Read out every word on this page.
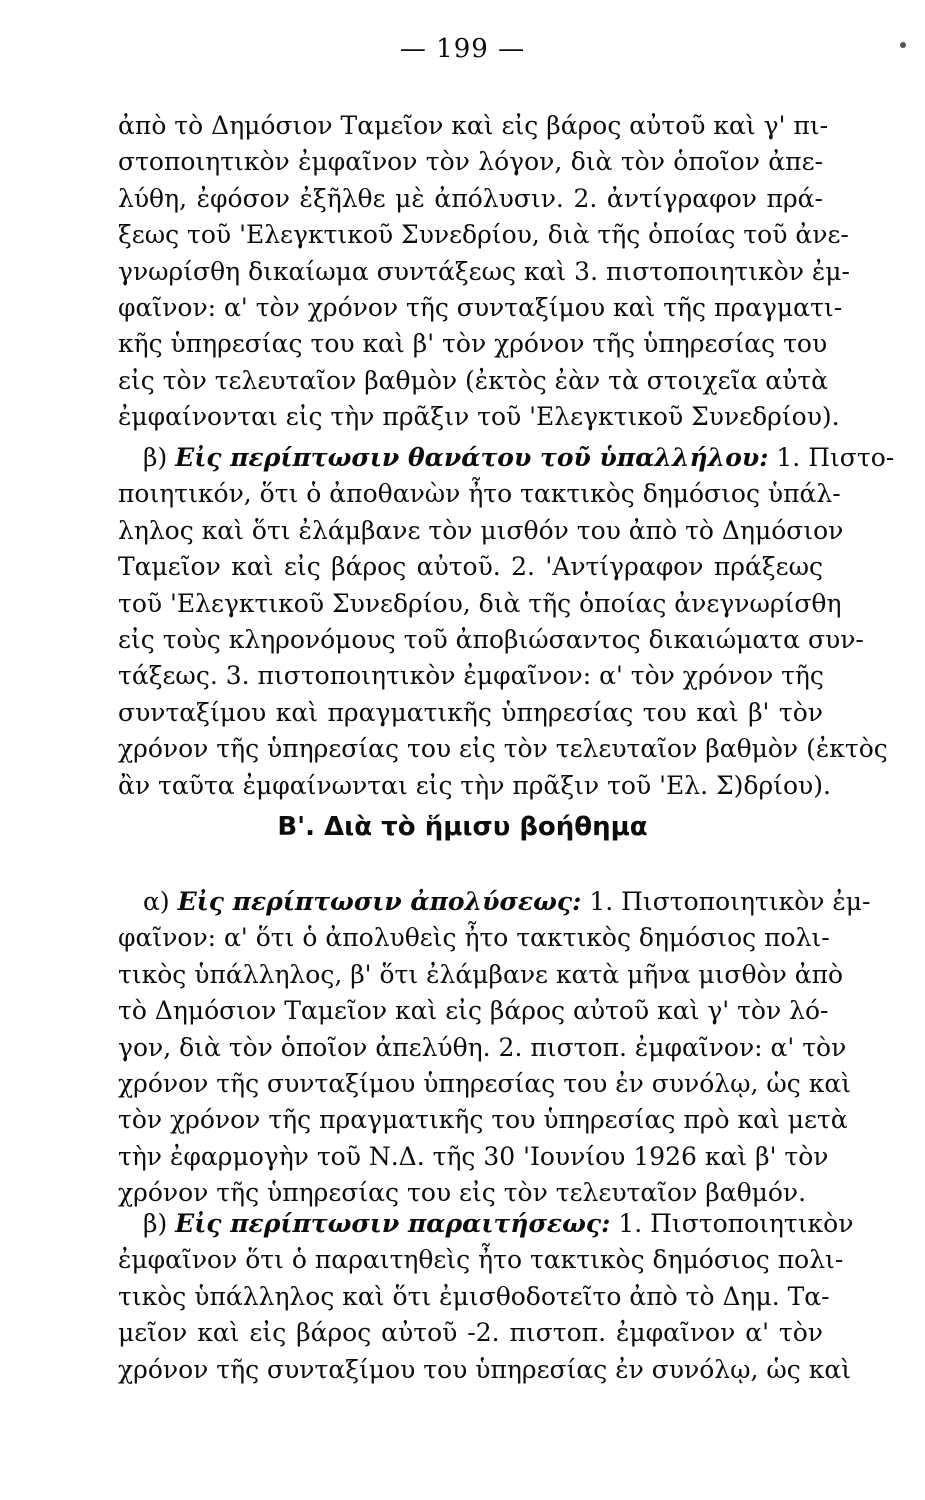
— 199 —
ἀπὸ τὸ Δημόσιον Ταμεῖον καὶ εἰς βάρος αὐτοῦ καὶ γ' πι-
στοποιητικὸν ἐμφαῖνον τὸν λόγον, διὰ τὸν ὁποῖον ἀπε-
λύθη, ἐφόσον ἐξῆλθε μὲ ἀπόλυσιν. 2. ἀντίγραφον πρά-
ξεως τοῦ 'Ελεγκτικοῦ Συνεδρίου, διὰ τῆς ὁποίας τοῦ ἀνε-
γνωρίσθη δικαίωμα συντάξεως καὶ 3. πιστοποιητικὸν ἐμ-
φαῖνον: α' τὸν χρόνον τῆς συνταξίμου καὶ τῆς πραγματι-
κῆς ὑπηρεσίας του καὶ β' τὸν χρόνον τῆς ὑπηρεσίας του
εἰς τὸν τελευταῖον βαθμὸν (ἐκτὸς ἐὰν τὰ στοιχεῖα αὐτὰ
ἐμφαίνονται εἰς τὴν πρᾶξιν τοῦ 'Ελεγκτικοῦ Συνεδρίου).
 β) Εἰς περίπτωσιν θανάτου τοῦ ὑπαλλήλου: 1. Πιστο-
ποιητικόν, ὅτι ὁ ἀποθανὼν ἦτο τακτικὸς δημόσιος ὑπάλ-
ληλος καὶ ὅτι ἐλάμβανε τὸν μισθόν του ἀπὸ τὸ Δημόσιον
Ταμεῖον καὶ εἰς βάρος αὐτοῦ. 2. 'Αντίγραφον πράξεως
τοῦ 'Ελεγκτικοῦ Συνεδρίου, διὰ τῆς ὁποίας ἀνεγνωρίσθη
εἰς τοὺς κληρονόμους τοῦ ἀποβιώσαντος δικαιώματα συν-
τάξεως. 3. πιστοποιητικὸν ἐμφαῖνον: α' τὸν χρόνον τῆς
συνταξίμου καὶ πραγματικῆς ὑπηρεσίας του καὶ β' τὸν
χρόνον τῆς ὑπηρεσίας του εἰς τὸν τελευταῖον βαθμὸν (ἐκτὸς
ἂν ταῦτα ἐμφαίνωνται εἰς τὴν πρᾶξιν τοῦ 'Ελ. Σ)δρίου).
Β'. Διὰ τὸ ἥμισυ βοήθημα
 α) Εἰς περίπτωσιν ἀπολύσεως: 1. Πιστοποιητικὸν ἐμ-
φαῖνον: α' ὅτι ὁ ἀπολυθεὶς ἦτο τακτικὸς δημόσιος πολι-
τικὸς ὑπάλληλος, β' ὅτι ἐλάμβανε κατὰ μῆνα μισθὸν ἀπὸ
τὸ Δημόσιον Ταμεῖον καὶ εἰς βάρος αὐτοῦ καὶ γ' τὸν λό-
γον, διὰ τὸν ὁποῖον ἀπελύθη. 2. πιστοπ. ἐμφαῖνον: α' τὸν
χρόνον τῆς συνταξίμου ὑπηρεσίας του ἐν συνόλῳ, ὡς καὶ
τὸν χρόνον τῆς πραγματικῆς του ὑπηρεσίας πρὸ καὶ μετὰ
τὴν ἐφαρμογὴν τοῦ Ν.Δ. τῆς 30 'Ιουνίου 1926 καὶ β' τὸν
χρόνον τῆς ὑπηρεσίας του εἰς τὸν τελευταῖον βαθμόν.
 β) Εἰς περίπτωσιν παραιτήσεως: 1. Πιστοποιητικὸν
ἐμφαῖνον ὅτι ὁ παραιτηθεὶς ἦτο τακτικὸς δημόσιος πολι-
τικὸς ὑπάλληλος καὶ ὅτι ἐμισθοδοτεῖτο ἀπὸ τὸ Δημ. Τα-
μεῖον καὶ εἰς βάρος αὐτοῦ -2. πιστοπ. ἐμφαῖνον α' τὸν
χρόνον τῆς συνταξίμου του ὑπηρεσίας ἐν συνόλῳ, ὡς καὶ
